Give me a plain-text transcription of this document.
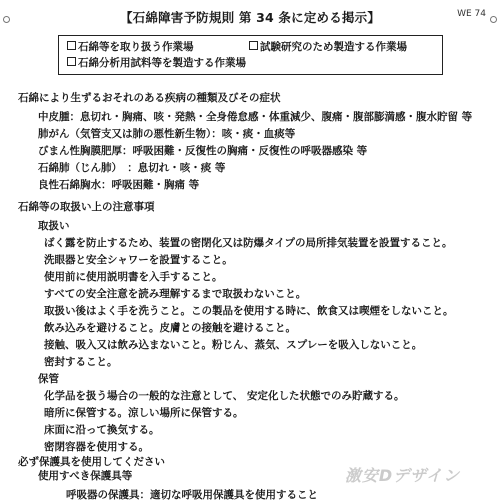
WE 74
【石綿障害予防規則 第 34 条に定める掲示】
石綿等を取り扱う作業場	試験研究のため製造する作業場
石綿分析用試料等を製造する作業場
石綿により生ずるおそれのある疾病の種類及びその症状
中皮腫：息切れ・胸痛、咳・発熱・全身倦怠感・体重減少、腹痛・腹部膨満感・腹水貯留 等
肺がん（気管支又は肺の悪性新生物）：咳・痰・血痰等
びまん性胸膜肥厚：呼吸困難・反復性の胸痛・反復性の呼吸器感染 等
石綿肺（じん肺）　：息切れ・咳・痰 等
良性石綿胸水：呼吸困難・胸痛 等
石綿等の取扱い上の注意事項
取扱い
ばく露を防止するため、装置の密閉化又は防爆タイプの局所排気装置を設置すること。
洗眼器と安全シャワーを設置すること。
使用前に使用説明書を入手すること。
すべての安全注意を読み理解するまで取扱わないこと。
取扱い後はよく手を洗うこと。この製品を使用する時に、飲食又は喫煙をしないこと。
飲み込みを避けること。皮膚との接触を避けること。
接触、吸入又は飲み込まないこと。粉じん、蒸気、スプレーを吸入しないこと。
密封すること。
保管
化学品を扱う場合の一般的な注意として、 安定化した状態でのみ貯蔵する。
暗所に保管する。涼しい場所に保管する。
床面に沿って換気する。
密閉容器を使用する。
必ず保護具を使用してください
使用すべき保護具等
呼吸器の保護具：適切な呼吸用保護具を使用すること
激安Dデザイン
